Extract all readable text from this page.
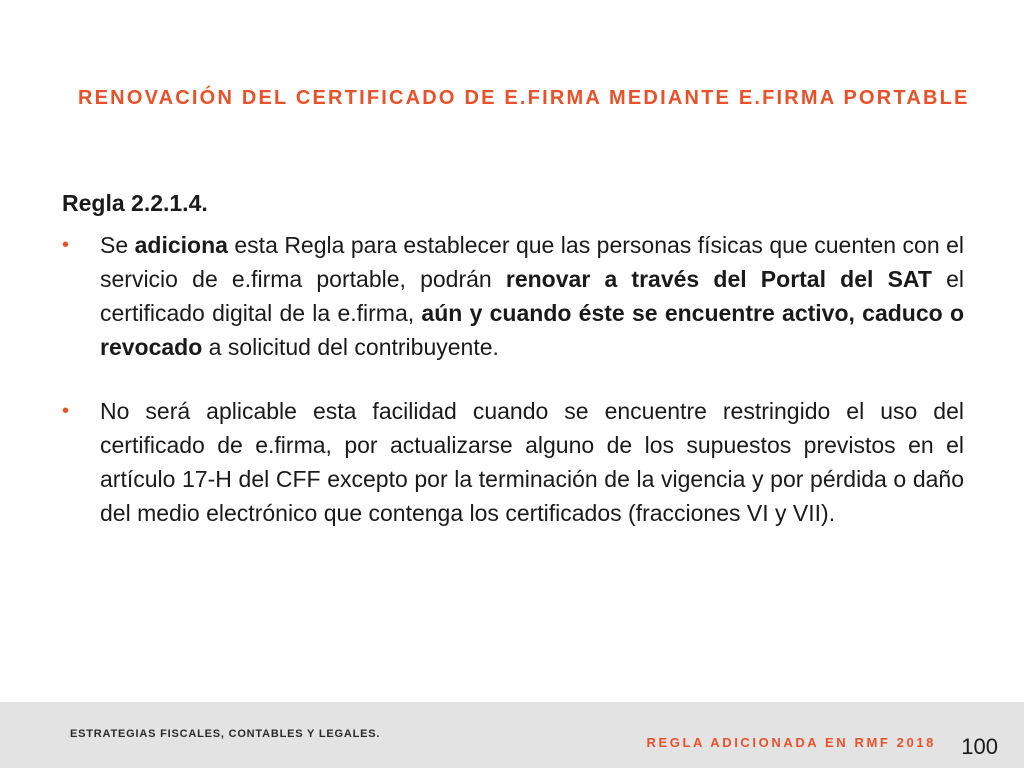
RENOVACIÓN DEL CERTIFICADO DE E.FIRMA MEDIANTE E.FIRMA PORTABLE

Regla 2.2.1.4.

• Se adiciona esta Regla para establecer que las personas físicas que cuenten con el servicio de e.firma portable, podrán renovar a través del Portal del SAT el certificado digital de la e.firma, aún y cuando éste se encuentre activo, caduco o revocado a solicitud del contribuyente.

• No será aplicable esta facilidad cuando se encuentre restringido el uso del certificado de e.firma, por actualizarse alguno de los supuestos previstos en el artículo 17-H del CFF excepto por la terminación de la vigencia y por pérdida o daño del medio electrónico que contenga los certificados (fracciones VI y VII).

ESTRATEGIAS FISCALES, CONTABLES Y LEGALES.
REGLA ADICIONADA EN RMF 2018 100
